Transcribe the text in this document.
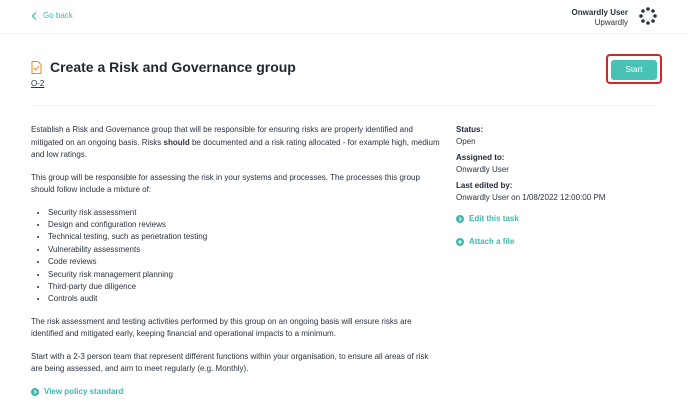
Go back	Onwardly User
Upwardly
Create a Risk and Governance group
O-2
Start

Establish a Risk and Governance group that will be responsible for ensuring risks are properly identified and mitigated on an ongoing basis. Risks should be documented and a risk rating allocated - for example high, medium and low ratings.

This group will be responsible for assessing the risk in your systems and processes. The processes this group should follow include a mixture of:

• Security risk assessment
• Design and configuration reviews
• Technical testing, such as penetration testing
• Vulnerability assessments
• Code reviews
• Security risk management planning
• Third-party due diligence
• Controls audit

The risk assessment and testing activities performed by this group on an ongoing basis will ensure risks are identified and mitigated early, keeping financial and operational impacts to a minimum.

Start with a 2-3 person team that represent different functions within your organisation, to ensure all areas of risk are being assessed, and aim to meet regularly (e.g. Monthly).

View policy standard
Status:
Open
Assigned to:
Onwardly User
Last edited by:
Onwardly User on 1/08/2022 12:00:00 PM
Edit this task
Attach a file
